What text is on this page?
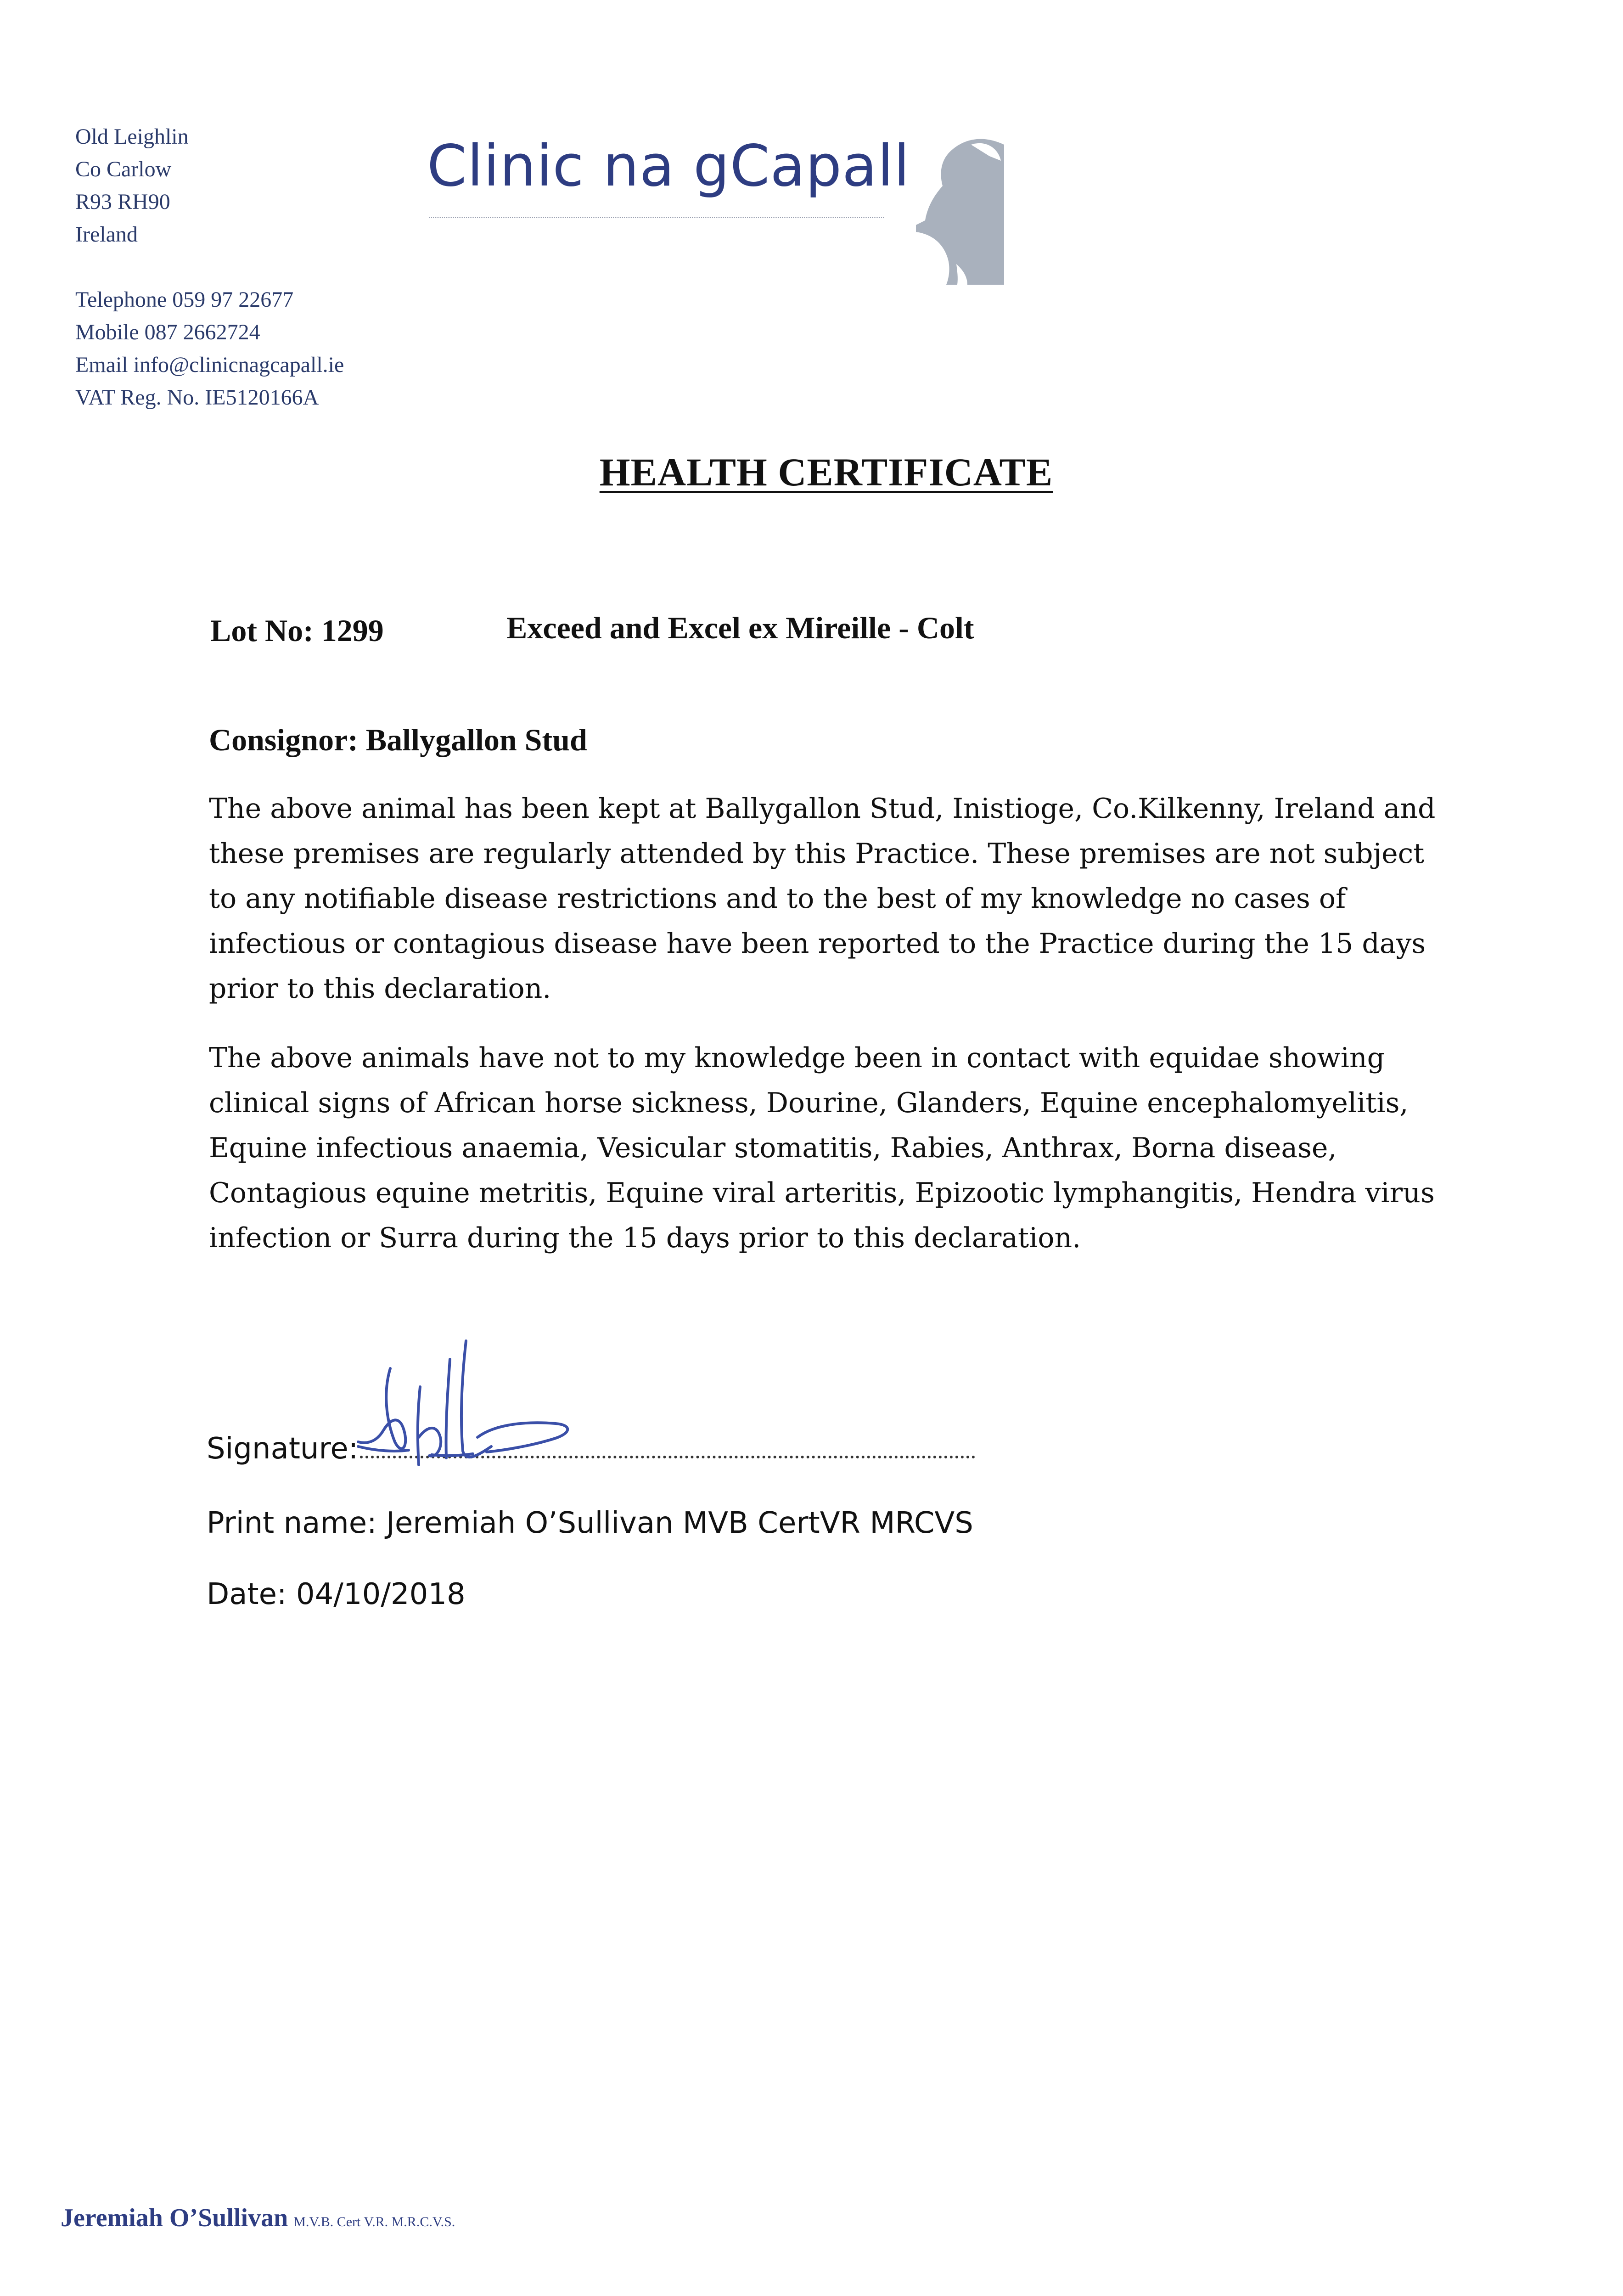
Old Leighlin
Co Carlow
R93 RH90
Ireland
Telephone 059 97 22677
Mobile 087 2662724
Email info@clinicnagcapall.ie
VAT Reg. No. IE5120166A
Clinic na gCapall
HEALTH CERTIFICATE
Lot No: 1299	Exceed and Excel ex Mireille - Colt
Consignor: Ballygallon Stud
The above animal has been kept at Ballygallon Stud, Inistioge, Co.Kilkenny, Ireland and
these premises are regularly attended by this Practice. These premises are not subject
to any notifiable disease restrictions and to the best of my knowledge no cases of
infectious or contagious disease have been reported to the Practice during the 15 days
prior to this declaration.
The above animals have not to my knowledge been in contact with equidae showing
clinical signs of African horse sickness, Dourine, Glanders, Equine encephalomyelitis,
Equine infectious anaemia, Vesicular stomatitis, Rabies, Anthrax, Borna disease,
Contagious equine metritis, Equine viral arteritis, Epizootic lymphangitis, Hendra virus
infection or Surra during the 15 days prior to this declaration.
Signature:
Print name: Jeremiah O’Sullivan MVB CertVR MRCVS
Date: 04/10/2018
Jeremiah O’Sullivan M.V.B. Cert V.R. M.R.C.V.S.
